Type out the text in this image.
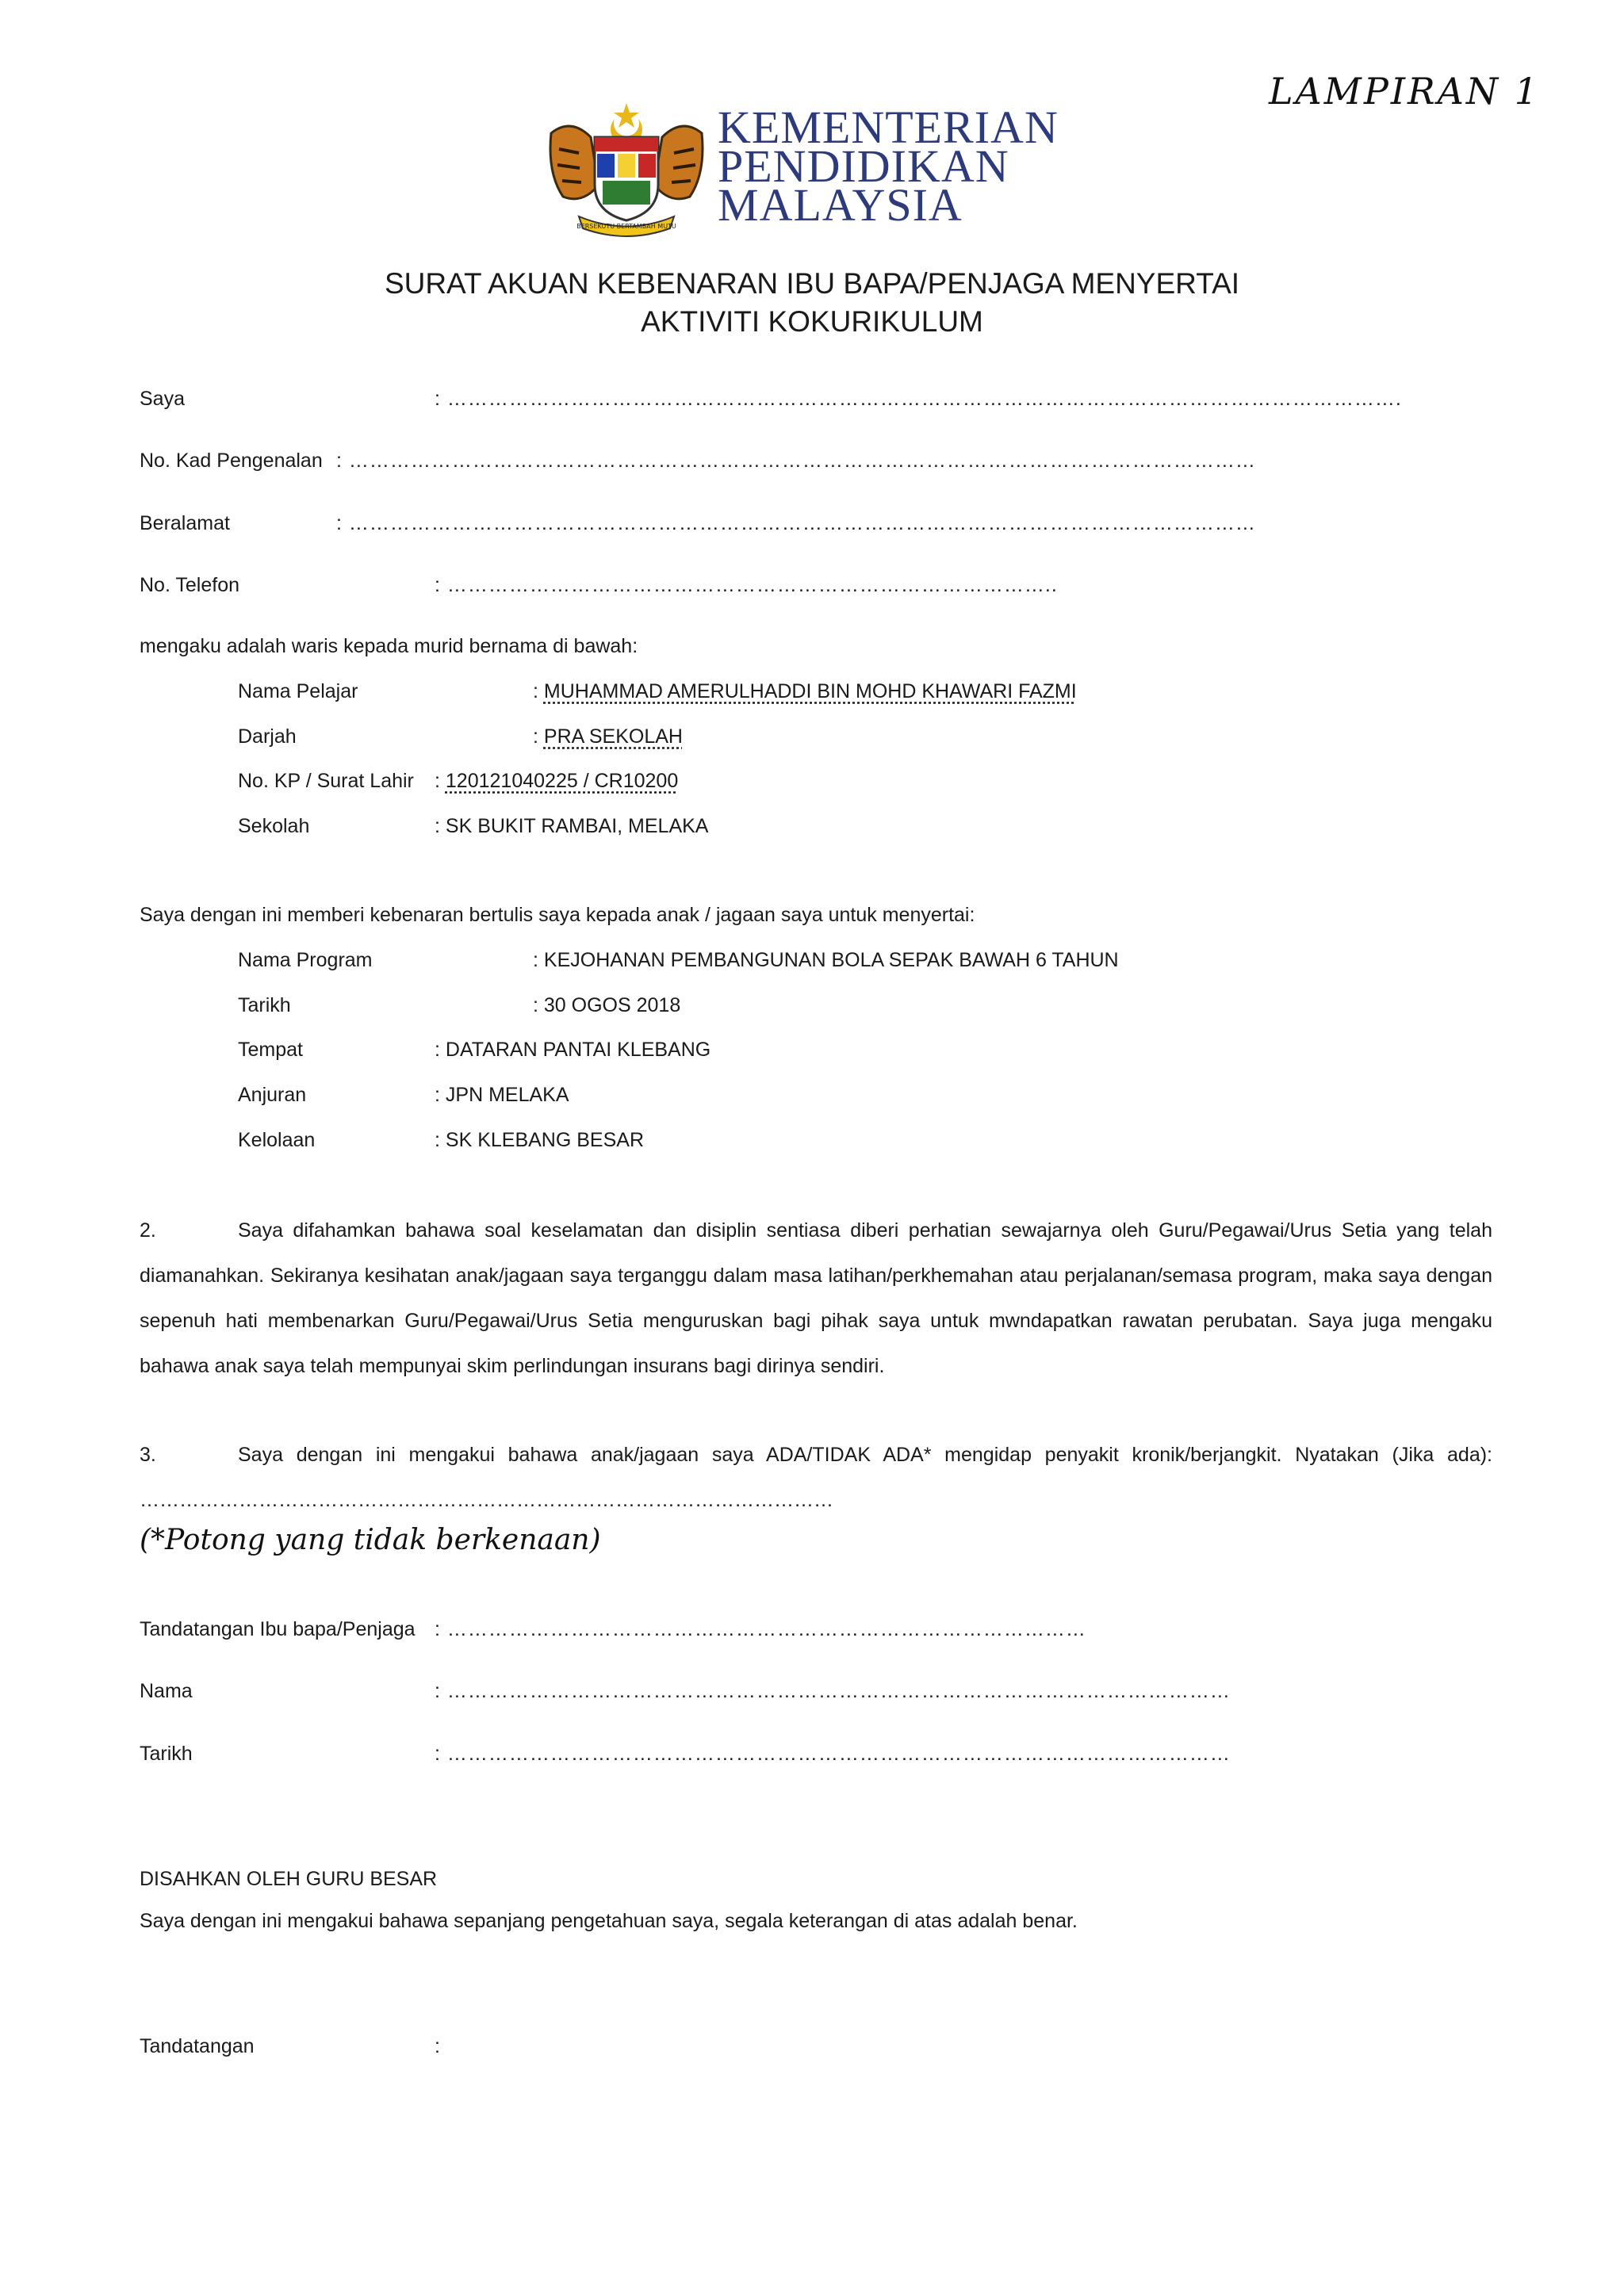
LAMPIRAN 1
BERSEKUTU BERTAMBAH MUTU
KEMENTERIAN
PENDIDIKAN
MALAYSIA
SURAT AKUAN KEBENARAN IBU BAPA/PENJAGA MENYERTAI
AKTIVITI KOKURIKULUM
Saya	: ………………………………………………………………………………………………………………………….
No. Kad Pengenalan : ……………………………………………………………………………………………………………………
Beralamat	: ……………………………………………………………………………………………………………………
No. Telefon	: ……………………………………………………………………………..
mengaku adalah waris kepada murid bernama di bawah:
Nama Pelajar	: MUHAMMAD AMERULHADDI BIN MOHD KHAWARI FAZMI
Darjah	: PRA SEKOLAH
No. KP / Surat Lahir : 120121040225 / CR10200
Sekolah	: SK BUKIT RAMBAI, MELAKA
Saya dengan ini memberi kebenaran bertulis saya kepada anak / jagaan saya untuk menyertai:
Nama Program	: KEJOHANAN PEMBANGUNAN BOLA SEPAK BAWAH 6 TAHUN
Tarikh	: 30 OGOS 2018
Tempat	: DATARAN PANTAI KLEBANG
Anjuran	: JPN MELAKA
Kelolaan	: SK KLEBANG BESAR
2.	Saya difahamkan bahawa soal keselamatan dan disiplin sentiasa diberi perhatian sewajarnya oleh Guru/Pegawai/Urus Setia yang telah diamanahkan. Sekiranya kesihatan anak/jagaan saya terganggu dalam masa latihan/perkhemahan atau perjalanan/semasa program, maka saya dengan sepenuh hati membenarkan Guru/Pegawai/Urus Setia menguruskan bagi pihak saya untuk mwndapatkan rawatan perubatan. Saya juga mengaku bahawa anak saya telah mempunyai skim perlindungan insurans bagi dirinya sendiri.
3.	Saya dengan ini mengakui bahawa anak/jagaan saya ADA/TIDAK ADA* mengidap penyakit kronik/berjangkit. Nyatakan (Jika ada): ……………………………………………………………………………………………
(*Potong yang tidak berkenaan)
Tandatangan Ibu bapa/Penjaga : …………………………………………………………………………………
Nama	: ……………………………………………………………………………………………………
Tarikh	: ……………………………………………………………………………………………………
DISAHKAN OLEH GURU BESAR
Saya dengan ini mengakui bahawa sepanjang pengetahuan saya, segala keterangan di atas adalah benar.
Tandatangan	:
